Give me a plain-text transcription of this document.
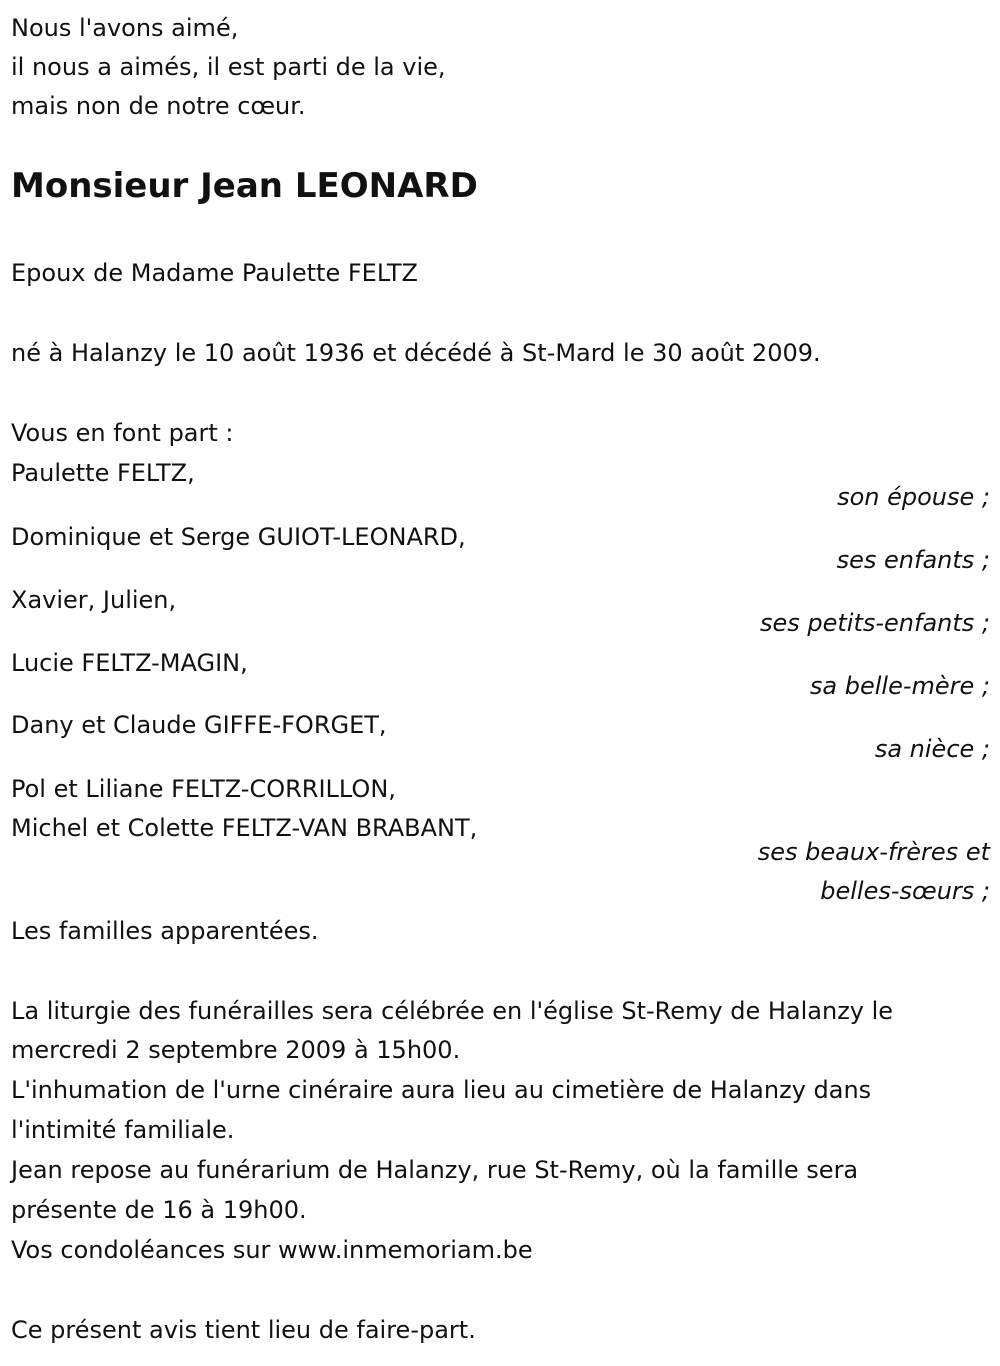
Nous l'avons aimé,
il nous a aimés, il est parti de la vie,
mais non de notre cœur.
Monsieur Jean LEONARD
Epoux de Madame Paulette FELTZ
né à Halanzy le 10 août 1936 et décédé à St-Mard le 30 août 2009.
Vous en font part :
Paulette FELTZ,
son épouse ;
Dominique et Serge GUIOT-LEONARD,
ses enfants ;
Xavier, Julien,
ses petits-enfants ;
Lucie FELTZ-MAGIN,
sa belle-mère ;
Dany et Claude GIFFE-FORGET,
sa nièce ;
Pol et Liliane FELTZ-CORRILLON,
Michel et Colette FELTZ-VAN BRABANT,
ses beaux-frères et
belles-sœurs ;
Les familles apparentées.
La liturgie des funérailles sera célébrée en l'église St-Remy de Halanzy le
mercredi 2 septembre 2009 à 15h00.
L'inhumation de l'urne cinéraire aura lieu au cimetière de Halanzy dans
l'intimité familiale.
Jean repose au funérarium de Halanzy, rue St-Remy, où la famille sera
présente de 16 à 19h00.
Vos condoléances sur www.inmemoriam.be
Ce présent avis tient lieu de faire-part.
